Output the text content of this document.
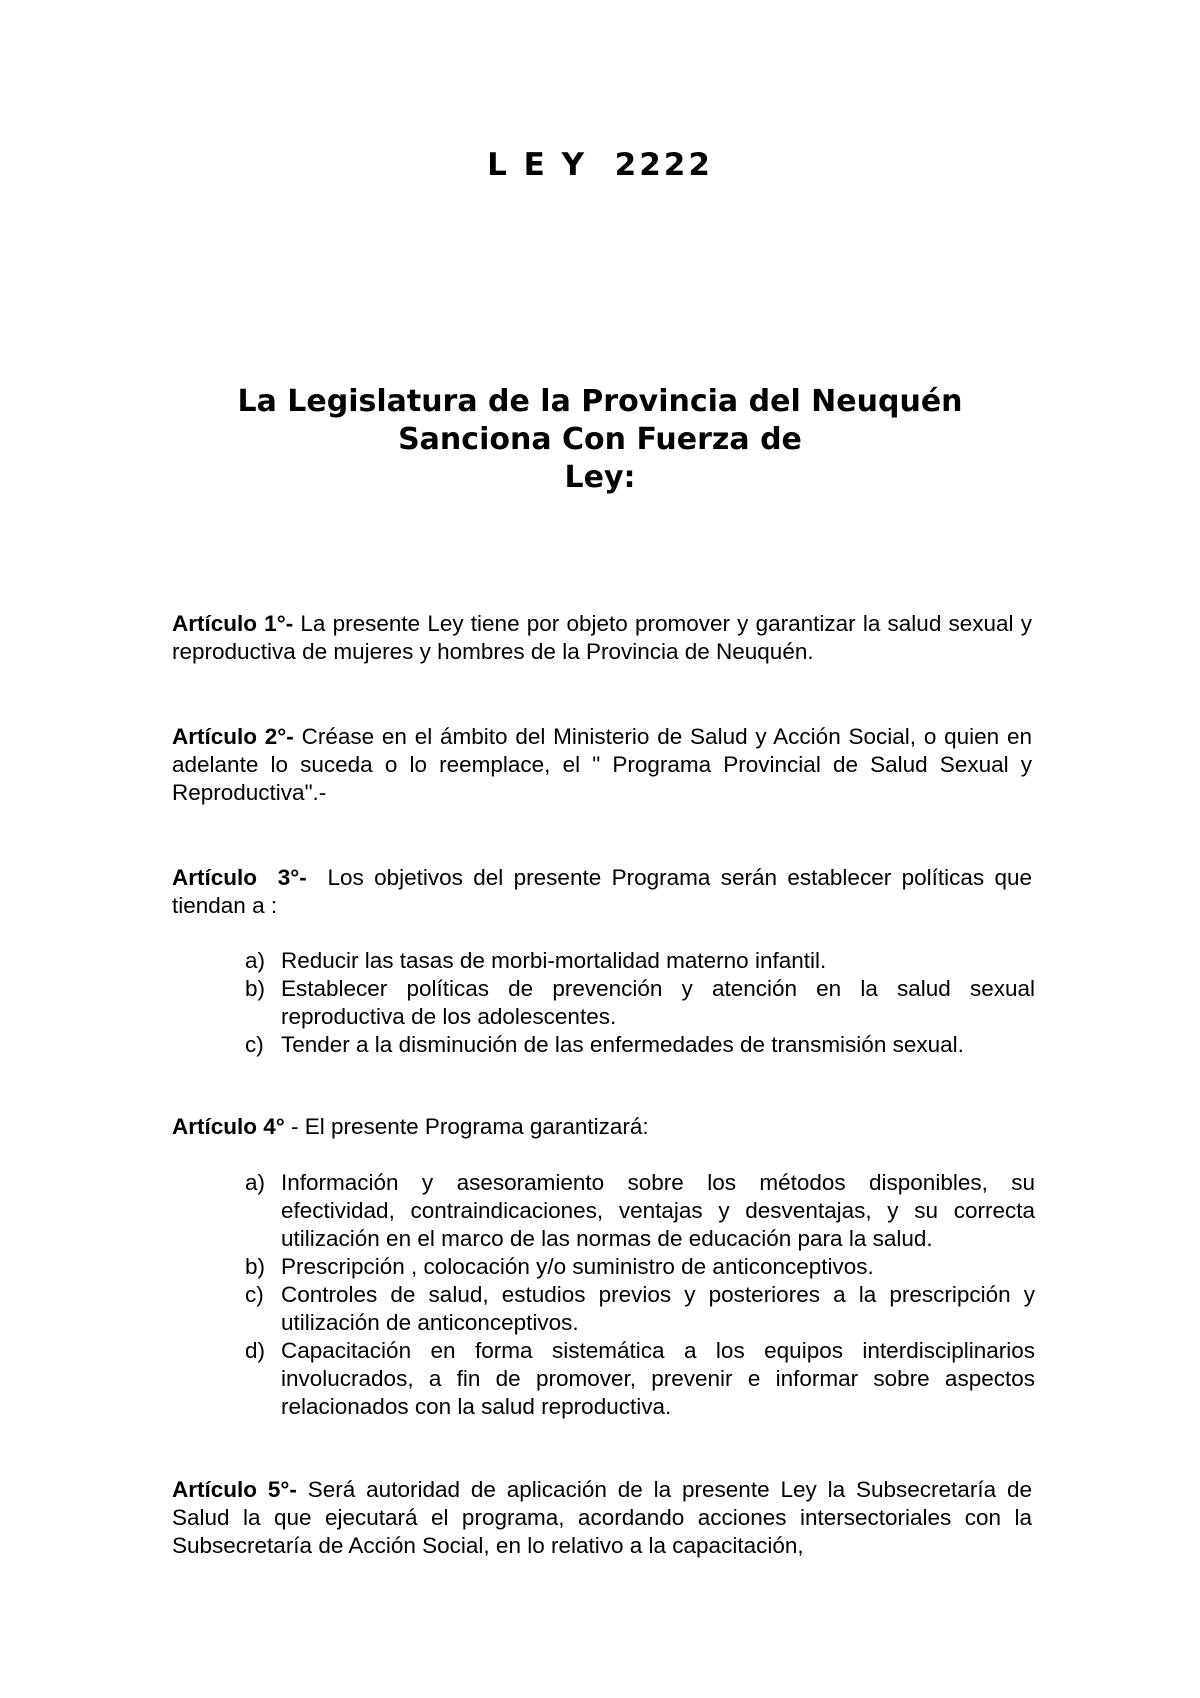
L E Y  2222
La Legislatura de la Provincia del Neuquén
Sanciona Con Fuerza de
Ley:

Artículo 1°- La presente Ley tiene por objeto promover y garantizar la salud sexual y reproductiva de mujeres y hombres de la Provincia de Neuquén.

Artículo 2°- Créase en el ámbito del Ministerio de Salud y Acción Social, o quien en adelante lo suceda o lo reemplace, el " Programa Provincial de Salud Sexual y Reproductiva".-

Artículo  3°-  Los objetivos del presente Programa serán establecer políticas que tiendan a :

a) Reducir las tasas de morbi-mortalidad materno infantil.
b) Establecer políticas de prevención y atención en la salud sexual reproductiva de los adolescentes.
c) Tender a la disminución de las enfermedades de transmisión sexual.

Artículo 4° - El presente Programa garantizará:

a) Información y asesoramiento sobre los métodos disponibles, su efectividad, contraindicaciones, ventajas y desventajas, y su correcta utilización en el marco de las normas de educación para la salud.
b) Prescripción , colocación y/o suministro de anticonceptivos.
c) Controles de salud, estudios previos y posteriores a la prescripción y utilización de anticonceptivos.
d) Capacitación en forma sistemática a los equipos interdisciplinarios involucrados, a fin de promover, prevenir e informar sobre aspectos relacionados con la salud reproductiva.

Artículo 5°- Será autoridad de aplicación de la presente Ley la Subsecretaría de Salud la que ejecutará el programa, acordando acciones intersectoriales con la Subsecretaría de Acción Social, en lo relativo a la capacitación,
